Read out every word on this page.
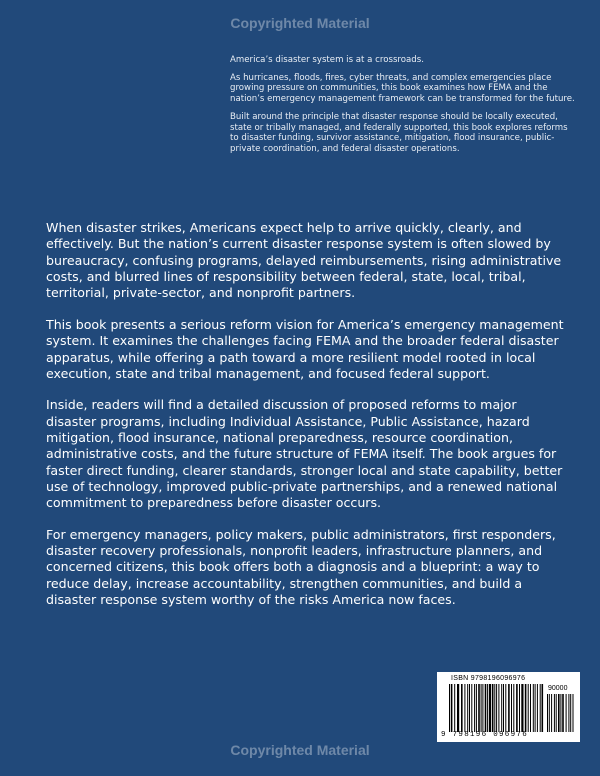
Copyrighted Material

America’s disaster system is at a crossroads.

As hurricanes, floods, fires, cyber threats, and complex emergencies place growing pressure on communities, this book examines how FEMA and the nation’s emergency management framework can be transformed for the future.

Built around the principle that disaster response should be locally executed, state or tribally managed, and federally supported, this book explores reforms to disaster funding, survivor assistance, mitigation, flood insurance, public-private coordination, and federal disaster operations.

When disaster strikes, Americans expect help to arrive quickly, clearly, and effectively. But the nation’s current disaster response system is often slowed by bureaucracy, confusing programs, delayed reimbursements, rising administrative costs, and blurred lines of responsibility between federal, state, local, tribal, territorial, private-sector, and nonprofit partners.

This book presents a serious reform vision for America’s emergency management system. It examines the challenges facing FEMA and the broader federal disaster apparatus, while offering a path toward a more resilient model rooted in local execution, state and tribal management, and focused federal support.

Inside, readers will find a detailed discussion of proposed reforms to major disaster programs, including Individual Assistance, Public Assistance, hazard mitigation, flood insurance, national preparedness, resource coordination, administrative costs, and the future structure of FEMA itself. The book argues for faster direct funding, clearer standards, stronger local and state capability, better use of technology, improved public-private partnerships, and a renewed national commitment to preparedness before disaster occurs.

For emergency managers, policy makers, public administrators, first responders, disaster recovery professionals, nonprofit leaders, infrastructure planners, and concerned citizens, this book offers both a diagnosis and a blueprint: a way to reduce delay, increase accountability, strengthen communities, and build a disaster response system worthy of the risks America now faces.

ISBN 9798196096976
90000
9 798196 096976
Copyrighted Material
